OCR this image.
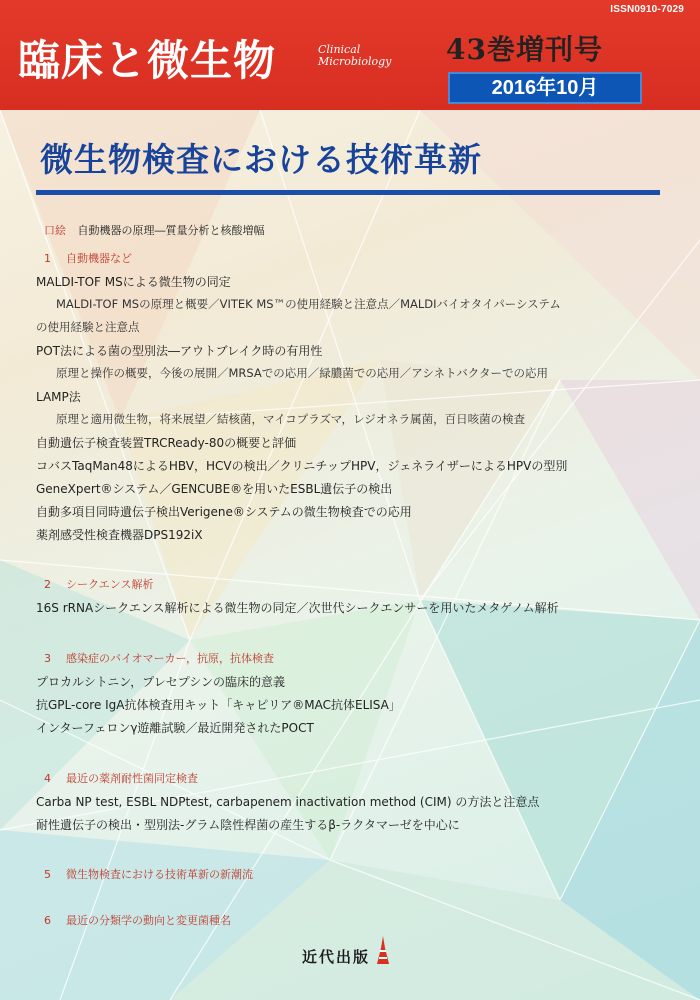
ISSN0910-7029
臨床と微生物	Clinical
Microbiology 43巻増刊号
2016年10月
微生物検査における技術革新
口絵 自動機器の原理―質量分析と核酸増幅
1 自動機器など
MALDI-TOF MSによる微生物の同定
MALDI-TOF MSの原理と概要／VITEK MS™の使用経験と注意点／MALDIバイオタイパーシステム
の使用経験と注意点
POT法による菌の型別法―アウトブレイク時の有用性
原理と操作の概要，今後の展開／MRSAでの応用／緑膿菌での応用／アシネトバクターでの応用
LAMP法
原理と適用微生物，将来展望／結核菌，マイコプラズマ，レジオネラ属菌，百日咳菌の検査
自動遺伝子検査装置TRCReady-80の概要と評価
コバスTaqMan48によるHBV，HCVの検出／クリニチップHPV，ジェネライザーによるHPVの型別
GeneXpert®システム／GENCUBE®を用いたESBL遺伝子の検出
自動多項目同時遺伝子検出Verigene®システムの微生物検査での応用
薬剤感受性検査機器DPS192iX
2 シークエンス解析
16S rRNAシークエンス解析による微生物の同定／次世代シークエンサーを用いたメタゲノム解析
3 感染症のバイオマーカー，抗原，抗体検査
プロカルシトニン，プレセプシンの臨床的意義
抗GPL-core IgA抗体検査用キット「キャピリア®MAC抗体ELISA」
インターフェロンγ遊離試験／最近開発されたPOCT
4 最近の薬剤耐性菌同定検査
Carba NP test, ESBL NDPtest, carbapenem inactivation method (CIM) の方法と注意点
耐性遺伝子の検出・型別法-グラム陰性桿菌の産生するβ-ラクタマーゼを中心に
5 微生物検査における技術革新の新潮流
6 最近の分類学の動向と変更菌種名
近代出版
